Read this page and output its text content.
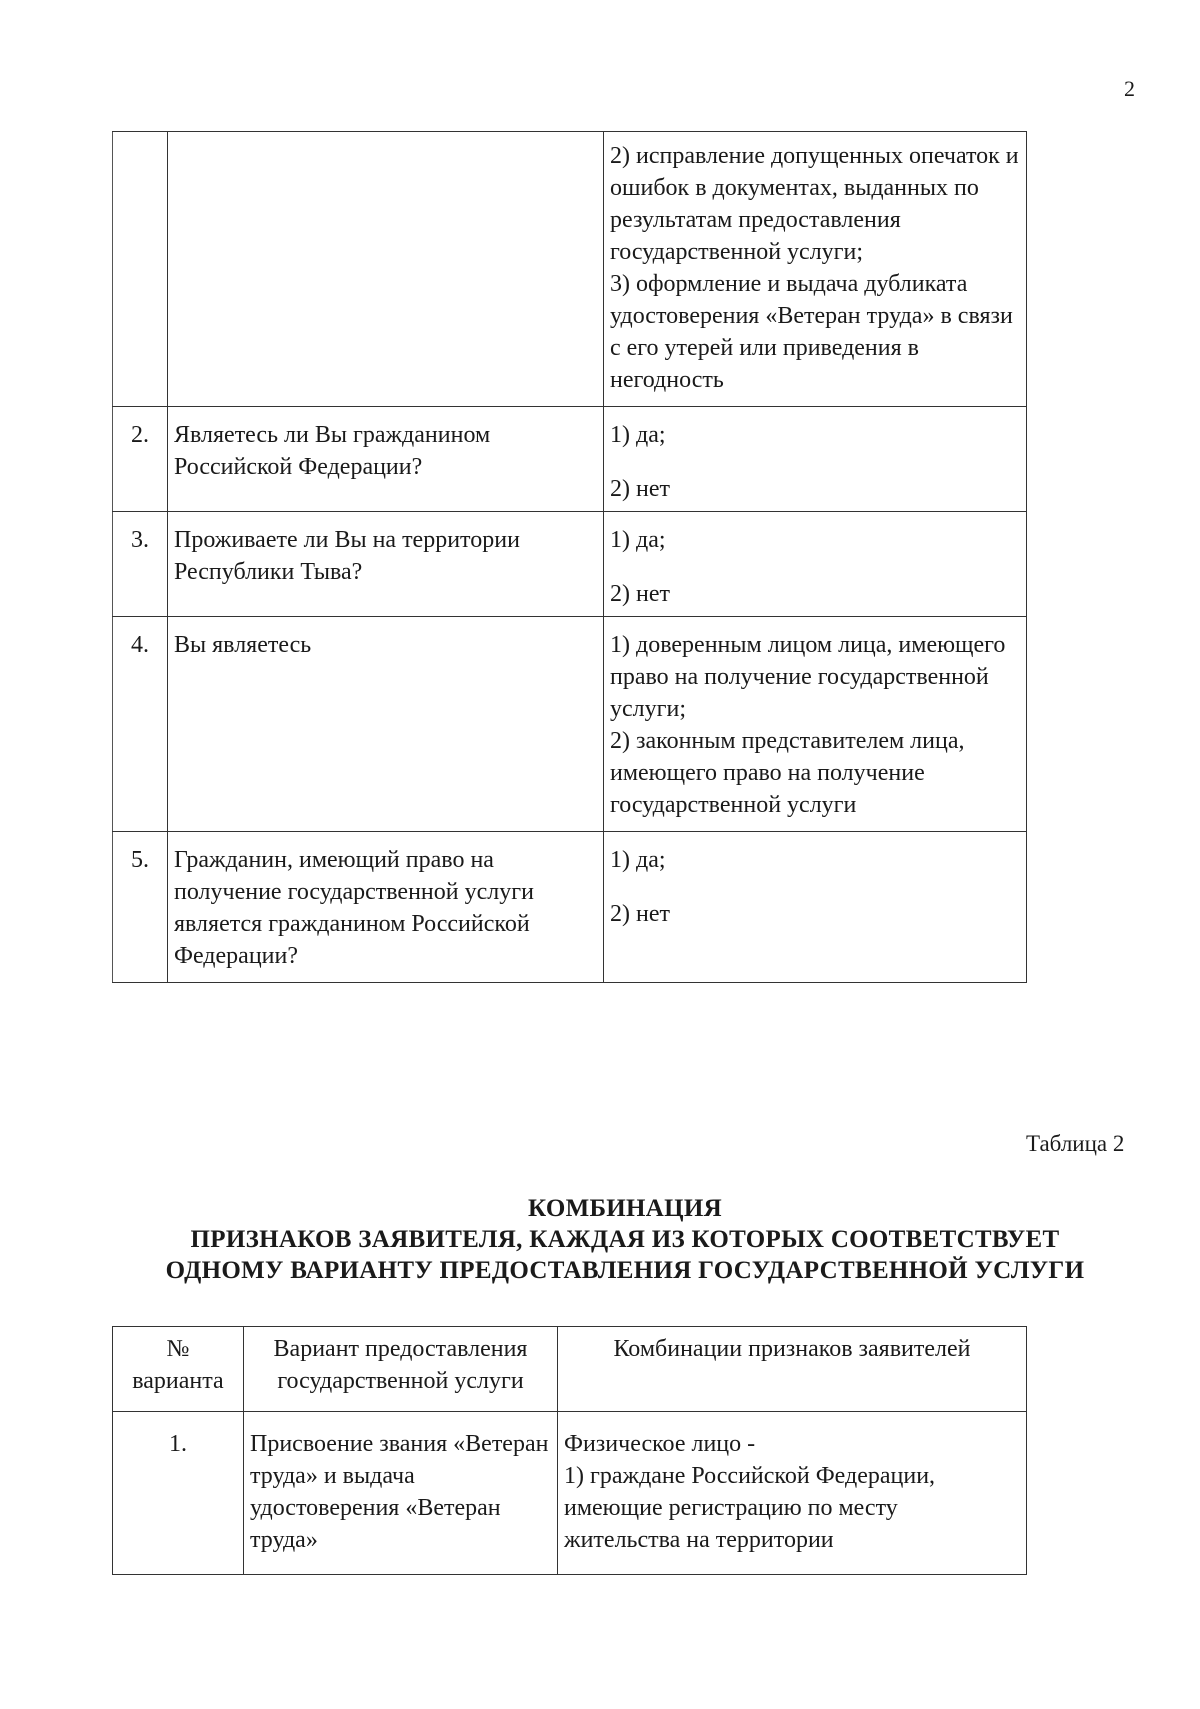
2

		2) исправление допущенных опечаток и ошибок в документах, выданных по результатам предоставления государственной услуги;
3) оформление и выдача дубликата удостоверения «Ветеран труда» в связи с его утерей или приведения в негодность

2.	Являетесь ли Вы гражданином Российской Федерации?	1) да;
2) нет

3.	Проживаете ли Вы на территории Республики Тыва?	1) да;
2) нет

4.	Вы являетесь	1) доверенным лицом лица, имеющего право на получение государственной услуги;
2) законным представителем лица, имеющего право на получение государственной услуги

5.	Гражданин, имеющий право на получение государственной услуги является гражданином Российской Федерации?	1) да;
2) нет
Таблица 2
КОМБИНАЦИЯ
ПРИЗНАКОВ ЗАЯВИТЕЛЯ, КАЖДАЯ ИЗ КОТОРЫХ СООТВЕТСТВУЕТ
ОДНОМУ ВАРИАНТУ ПРЕДОСТАВЛЕНИЯ ГОСУДАРСТВЕННОЙ УСЛУГИ
№ варианта	Вариант предоставления государственной услуги	Комбинации признаков заявителей
1.	Присвоение звания «Ветеран труда» и выдача удостоверения «Ветеран труда»	Физическое лицо -
1) граждане Российской Федерации, имеющие регистрацию по месту жительства на территории
